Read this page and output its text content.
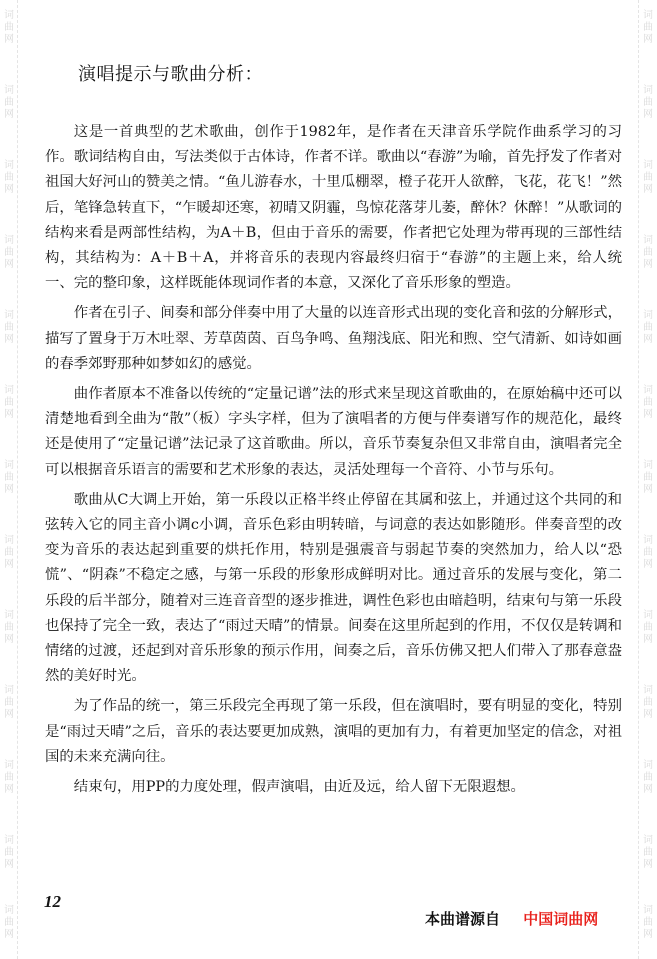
词曲网
词曲网
词曲网
词曲网
词曲网
词曲网
词曲网
词曲网
词曲网
词曲网
词曲网
词曲网
词曲网
词曲网
词曲网
词曲网
词曲网
词曲网
词曲网
词曲网
词曲网
词曲网
词曲网
词曲网
词曲网
词曲网
演唱提示与歌曲分析：

这是一首典型的艺术歌曲，创作于1982年，是作者在天津音乐学院作曲系学习的习作。歌词结构自由，写法类似于古体诗，作者不详。歌曲以“春游”为喻，首先抒发了作者对祖国大好河山的赞美之情。“鱼儿游春水，十里瓜棚翠，橙子花开人欲醉，飞花，花飞！”然后，笔锋急转直下，“乍暖却还寒，初晴又阴霾，鸟惊花落芽儿萎，醉休？休醉！”从歌词的结构来看是两部性结构，为A＋B，但由于音乐的需要，作者把它处理为带再现的三部性结构，其结构为：A＋B＋A，并将音乐的表现内容最终归宿于“春游”的主题上来，给人统一、完的整印象，这样既能体现词作者的本意，又深化了音乐形象的塑造。

作者在引子、间奏和部分伴奏中用了大量的以连音形式出现的变化音和弦的分解形式，描写了置身于万木吐翠、芳草茵茵、百鸟争鸣、鱼翔浅底、阳光和煦、空气清新、如诗如画的春季郊野那种如梦如幻的感觉。

曲作者原本不准备以传统的“定量记谱”法的形式来呈现这首歌曲的，在原始稿中还可以清楚地看到全曲为“散”（板）字头字样，但为了演唱者的方便与伴奏谱写作的规范化，最终还是使用了“定量记谱”法记录了这首歌曲。所以，音乐节奏复杂但又非常自由，演唱者完全可以根据音乐语言的需要和艺术形象的表达，灵活处理每一个音符、小节与乐句。

歌曲从C大调上开始，第一乐段以正格半终止停留在其属和弦上，并通过这个共同的和弦转入它的同主音小调c小调，音乐色彩由明转暗，与词意的表达如影随形。伴奏音型的改变为音乐的表达起到重要的烘托作用，特别是强震音与弱起节奏的突然加力，给人以“恐慌”、“阴森”不稳定之感，与第一乐段的形象形成鲜明对比。通过音乐的发展与变化，第二乐段的后半部分，随着对三连音音型的逐步推进，调性色彩也由暗趋明，结束句与第一乐段也保持了完全一致，表达了“雨过天晴”的情景。间奏在这里所起到的作用，不仅仅是转调和情绪的过渡，还起到对音乐形象的预示作用，间奏之后，音乐仿佛又把人们带入了那春意盎然的美好时光。

为了作品的统一，第三乐段完全再现了第一乐段，但在演唱时，要有明显的变化，特别是“雨过天晴”之后，音乐的表达要更加成熟，演唱的更加有力，有着更加坚定的信念，对祖国的未来充满向往。

结束句，用PP的力度处理，假声演唱，由近及远，给人留下无限遐想。

12
本曲谱源自 中国词曲网
